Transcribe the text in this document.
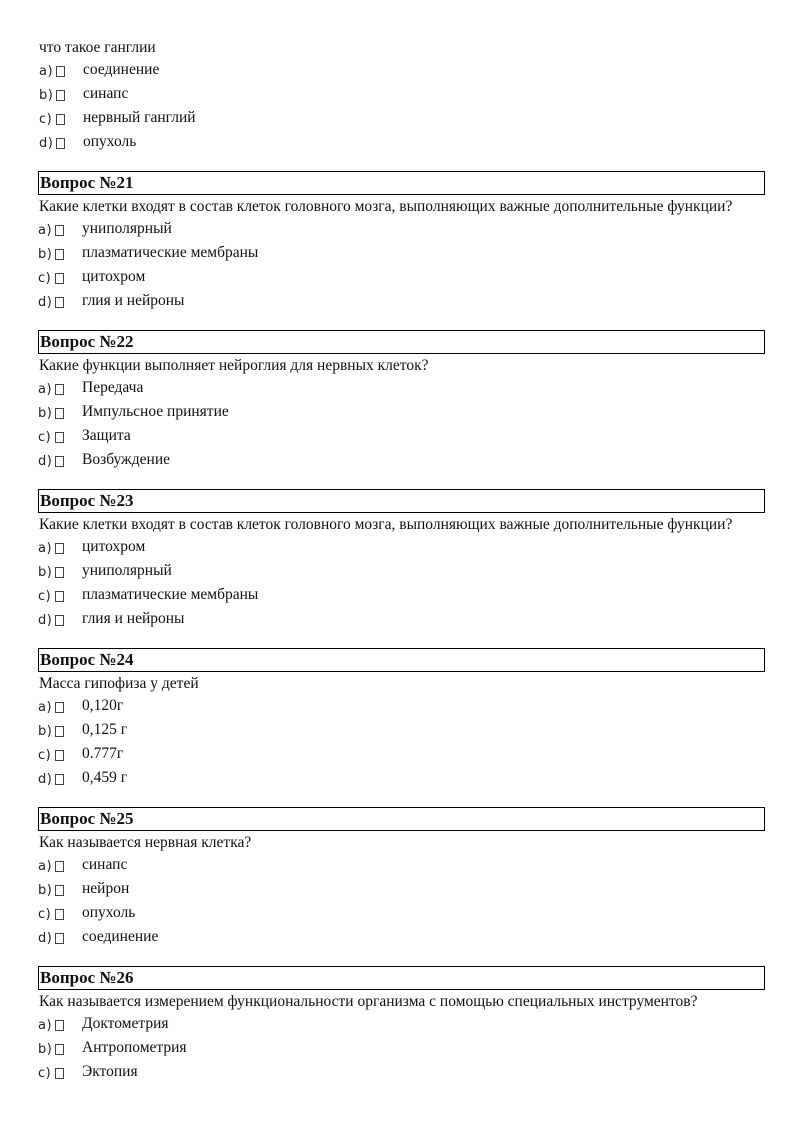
что такое ганглии

a) соединение
b) синапс
c) нервный ганглий
d) опухоль
Вопрос №21

Какие клетки входят в состав клеток головного мозга, выполняющих важные дополнительные функции?

a) униполярный
b) плазматические мембраны
c) цитохром
d) глия и нейроны
Вопрос №22

Какие функции выполняет нейроглия для нервных клеток?

a) Передача
b) Импульсное принятие
c) Защита
d) Возбуждение
Вопрос №23

Какие клетки входят в состав клеток головного мозга, выполняющих важные дополнительные функции?

a) цитохром
b) униполярный
c) плазматические мембраны
d) глия и нейроны
Вопрос №24

Масса гипофиза у детей

a) 0,120г
b) 0,125 г
c) 0.777г
d) 0,459 г
Вопрос №25

Как называется нервная клетка?

a) синапс
b) нейрон
c) опухоль
d) соединение
Вопрос №26

Как называется измерением функциональности организма с помощью специальных инструментов?

a) Доктометрия
b) Антропометрия
c) Эктопия
